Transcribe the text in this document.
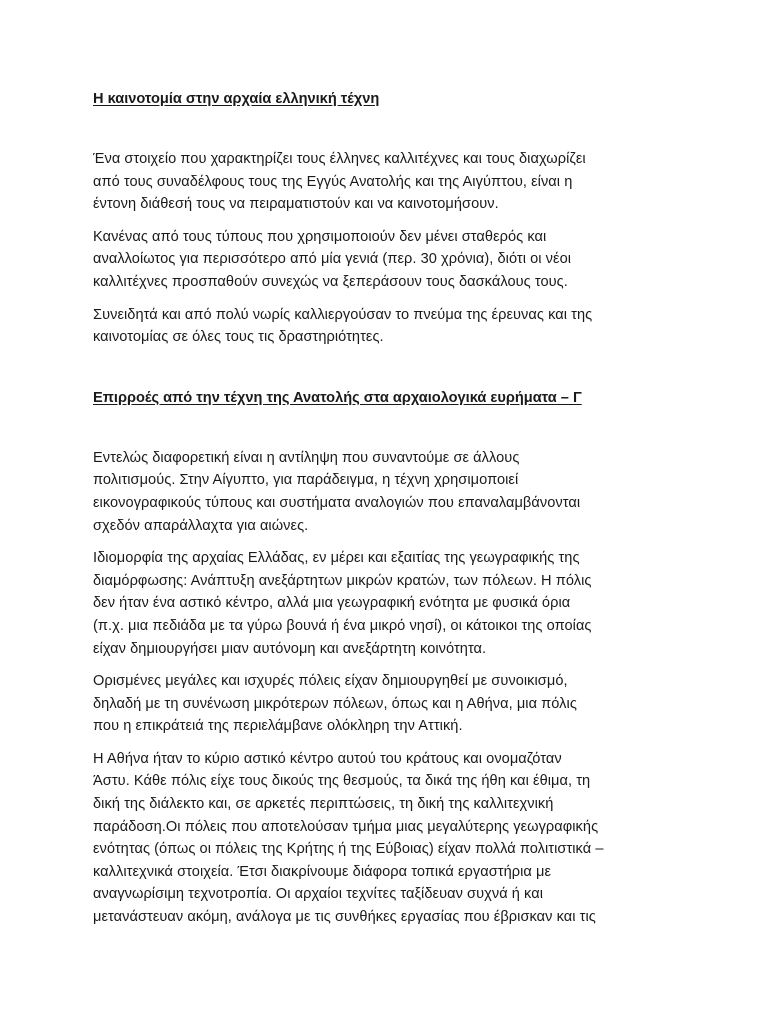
Η καινοτομία στην αρχαία ελληνική τέχνη
Ένα στοιχείο που χαρακτηρίζει τους έλληνες καλλιτέχνες και τους διαχωρίζει
από τους συναδέλφους τους της Εγγύς Ανατολής και της Αιγύπτου, είναι η
έντονη διάθεσή τους να πειραματιστούν και να καινοτομήσουν.
Κανένας από τους τύπους που χρησιμοποιούν δεν μένει σταθερός και
αναλλοίωτος για περισσότερο από μία γενιά (περ. 30 χρόνια), διότι οι νέοι
καλλιτέχνες προσπαθούν συνεχώς να ξεπεράσουν τους δασκάλους τους.
Συνειδητά και από πολύ νωρίς καλλιεργούσαν το πνεύμα της έρευνας και της
καινοτομίας σε όλες τους τις δραστηριότητες.
Επιρροές από την τέχνη της Ανατολής στα αρχαιολογικά ευρήματα – Γ
Εντελώς διαφορετική είναι η αντίληψη που συναντούμε σε άλλους
πολιτισμούς. Στην Αίγυπτο, για παράδειγμα, η τέχνη χρησιμοποιεί
εικονογραφικούς τύπους και συστήματα αναλογιών που επαναλαμβάνονται
σχεδόν απαράλλαχτα για αιώνες.
Ιδιομορφία της αρχαίας Ελλάδας, εν μέρει και εξαιτίας της γεωγραφικής της
διαμόρφωσης: Ανάπτυξη ανεξάρτητων μικρών κρατών, των πόλεων. Η πόλις
δεν ήταν ένα αστικό κέντρο, αλλά μια γεωγραφική ενότητα με φυσικά όρια
(π.χ. μια πεδιάδα με τα γύρω βουνά ή ένα μικρό νησί), οι κάτοικοι της οποίας
είχαν δημιουργήσει μιαν αυτόνομη και ανεξάρτητη κοινότητα.
Ορισμένες μεγάλες και ισχυρές πόλεις είχαν δημιουργηθεί με συνοικισμό,
δηλαδή με τη συνένωση μικρότερων πόλεων, όπως και η Αθήνα, μια πόλις
που η επικράτειά της περιελάμβανε ολόκληρη την Αττική.
Η Αθήνα ήταν το κύριο αστικό κέντρο αυτού του κράτους και ονομαζόταν
Άστυ. Κάθε πόλις είχε τους δικούς της θεσμούς, τα δικά της ήθη και έθιμα, τη
δική της διάλεκτο και, σε αρκετές περιπτώσεις, τη δική της καλλιτεχνική
παράδοση.Οι πόλεις που αποτελούσαν τμήμα μιας μεγαλύτερης γεωγραφικής
ενότητας (όπως οι πόλεις της Κρήτης ή της Εύβοιας) είχαν πολλά πολιτιστικά –
καλλιτεχνικά στοιχεία. Έτσι διακρίνουμε διάφορα τοπικά εργαστήρια με
αναγνωρίσιμη τεχνοτροπία. Οι αρχαίοι τεχνίτες ταξίδευαν συχνά ή και
μετανάστευαν ακόμη, ανάλογα με τις συνθήκες εργασίας που έβρισκαν και τις
